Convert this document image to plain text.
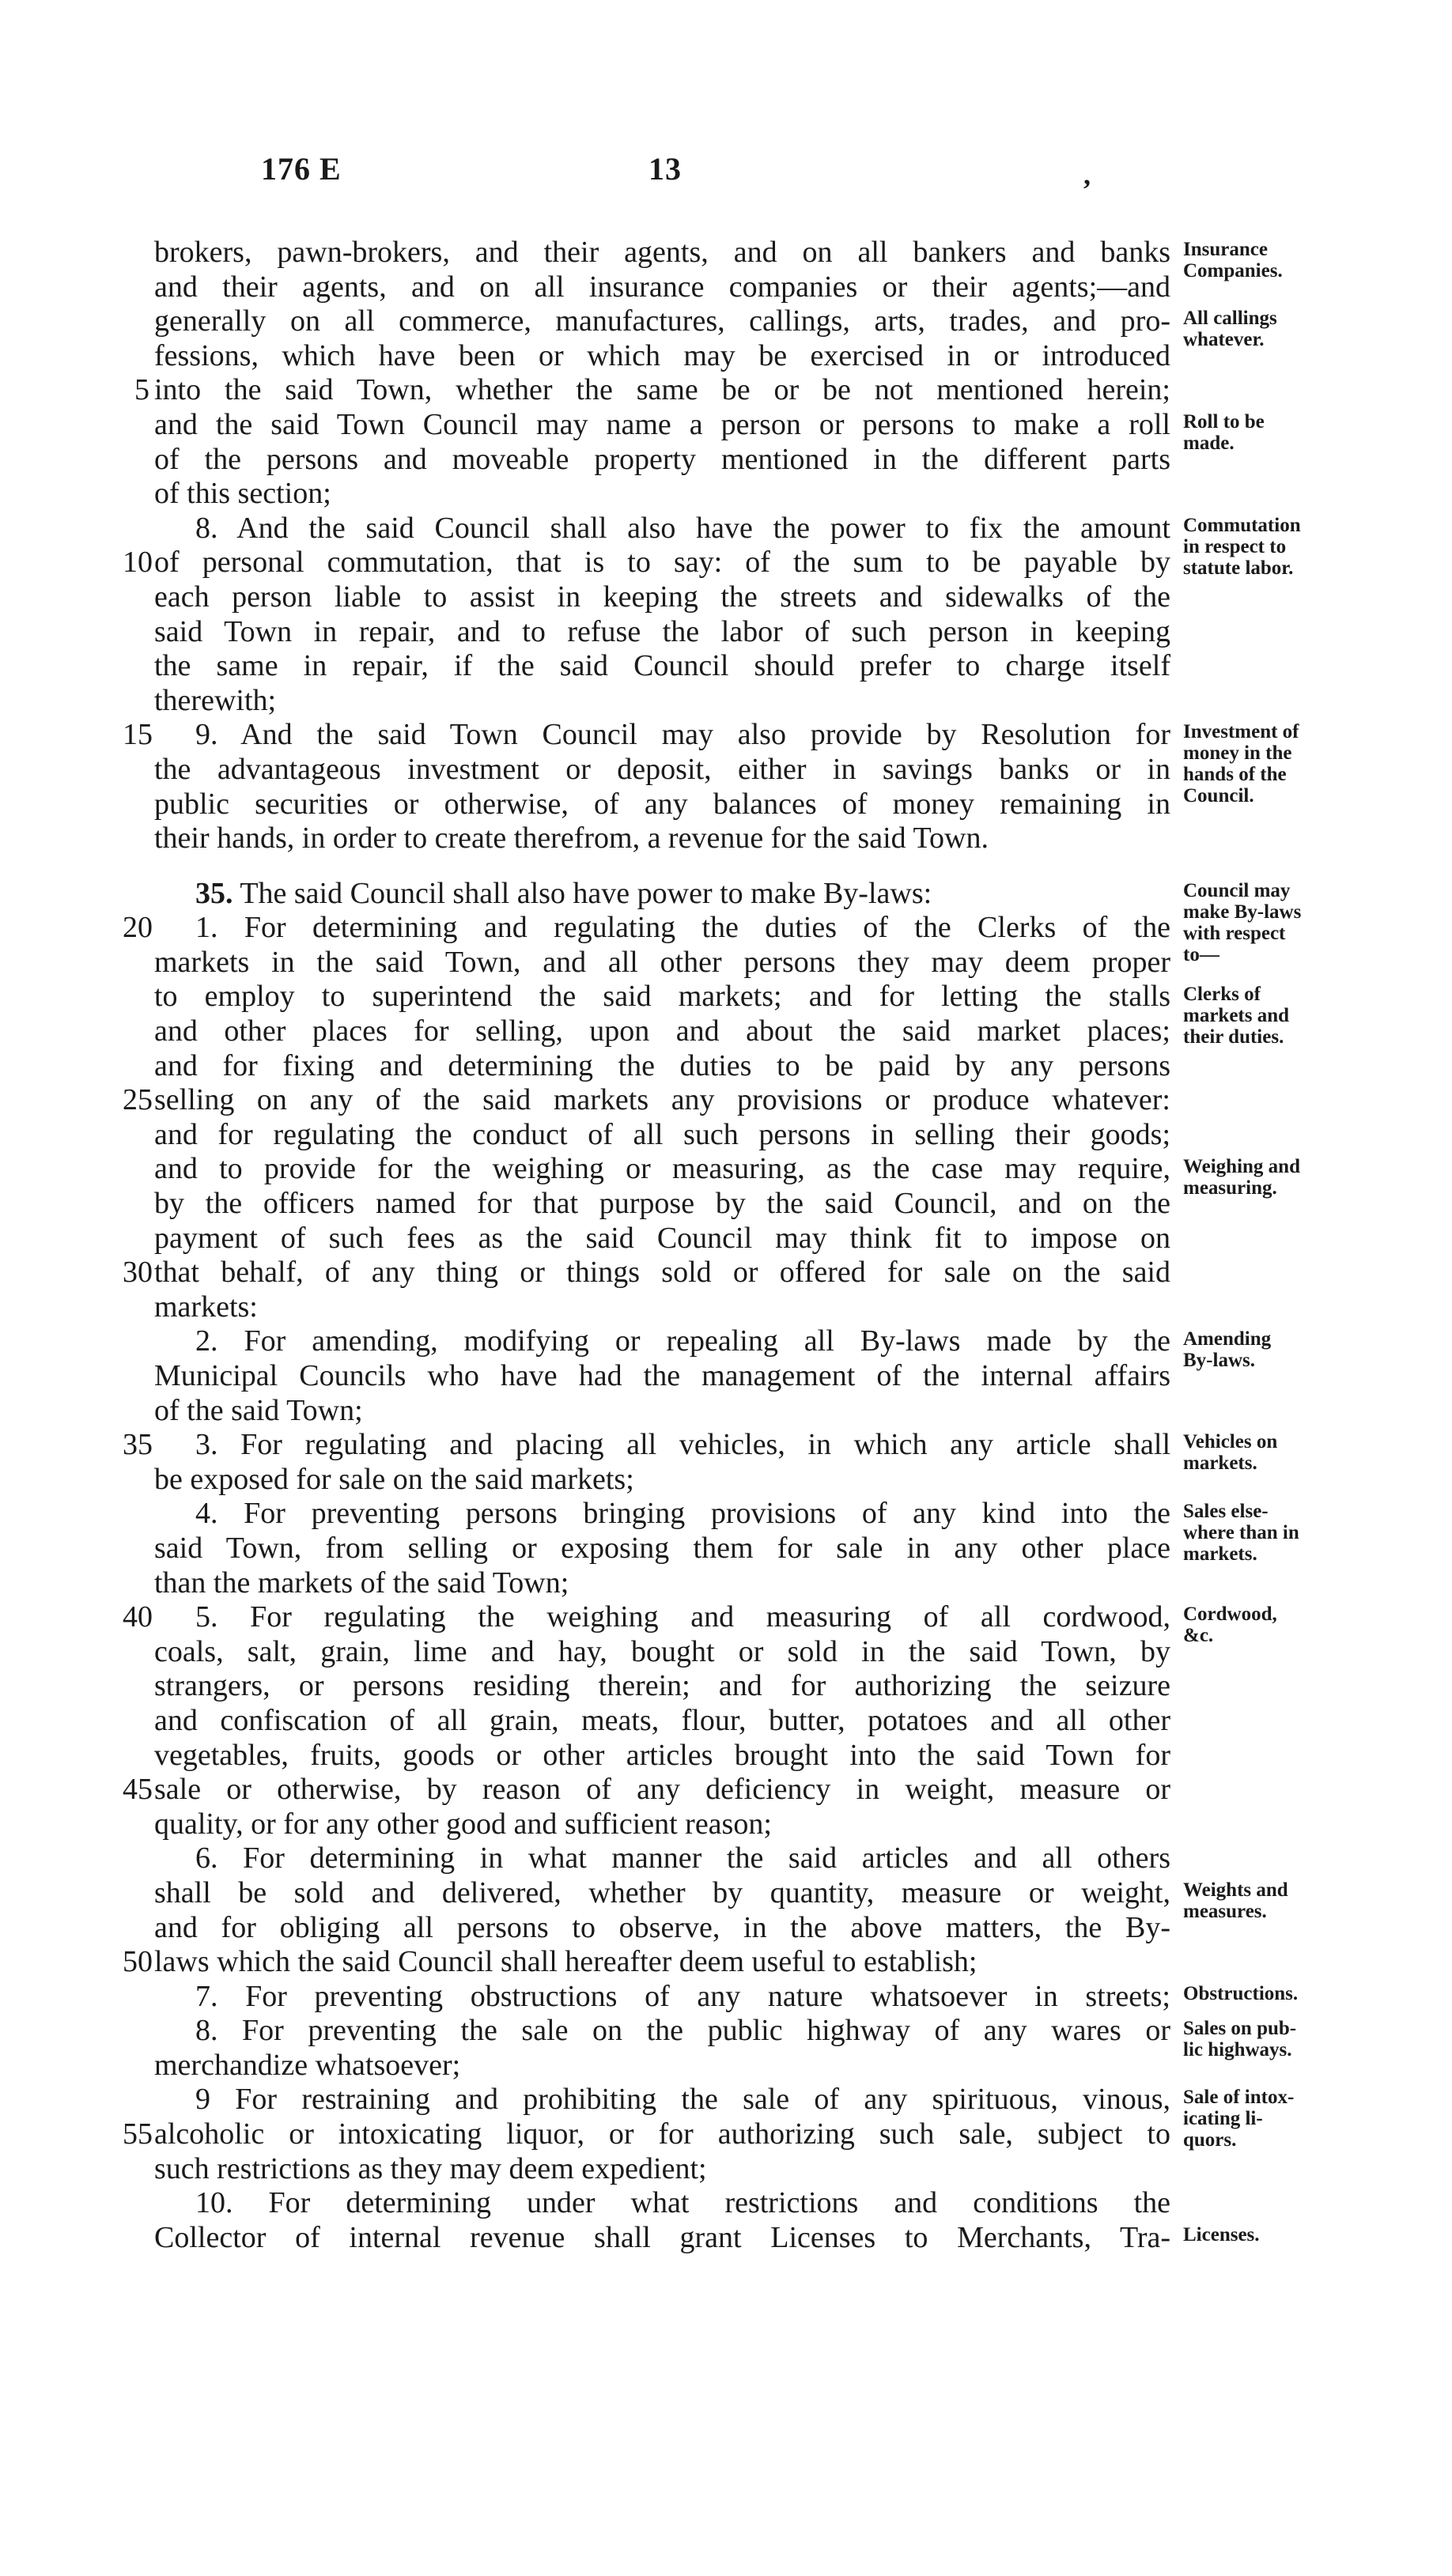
176 E	13	,
brokers, pawn-brokers, and their agents, and on all bankers and banks
and their agents, and on all insurance companies or their agents;—and
generally on all commerce, manufactures, callings, arts, trades, and pro-
fessions, which have been or which may be exercised in or introduced
5 into the said Town, whether the same be or be not mentioned herein;
and the said Town Council may name a person or persons to make a roll
of the persons and moveable property mentioned in the different parts
of this section;
8. And the said Council shall also have the power to fix the amount
10 of personal commutation, that is to say: of the sum to be payable by
each person liable to assist in keeping the streets and sidewalks of the
said Town in repair, and to refuse the labor of such person in keeping
the same in repair, if the said Council should prefer to charge itself
therewith;
15	9. And the said Town Council may also provide by Resolution for
the advantageous investment or deposit, either in savings banks or in
public securities or otherwise, of any balances of money remaining in
their hands, in order to create therefrom, a revenue for the said Town.
35. The said Council shall also have power to make By-laws:
20	1. For determining and regulating the duties of the Clerks of the
markets in the said Town, and all other persons they may deem proper
to employ to superintend the said markets; and for letting the stalls
and other places for selling, upon and about the said market places;
and for fixing and determining the duties to be paid by any persons
25 selling on any of the said markets any provisions or produce whatever:
and for regulating the conduct of all such persons in selling their goods;
and to provide for the weighing or measuring, as the case may require,
by the officers named for that purpose by the said Council, and on the
payment of such fees as the said Council may think fit to impose on
30 that behalf, of any thing or things sold or offered for sale on the said
markets:
2. For amending, modifying or repealing all By-laws made by the
Municipal Councils who have had the management of the internal affairs
of the said Town;
35	3. For regulating and placing all vehicles, in which any article shall
be exposed for sale on the said markets;
4. For preventing persons bringing provisions of any kind into the
said Town, from selling or exposing them for sale in any other place
than the markets of the said Town;
40	5. For regulating the weighing and measuring of all cordwood,
coals, salt, grain, lime and hay, bought or sold in the said Town, by
strangers, or persons residing therein; and for authorizing the seizure
and confiscation of all grain, meats, flour, butter, potatoes and all other
vegetables, fruits, goods or other articles brought into the said Town for
45 sale or otherwise, by reason of any deficiency in weight, measure or
quality, or for any other good and sufficient reason;
6. For determining in what manner the said articles and all others
shall be sold and delivered, whether by quantity, measure or weight,
and for obliging all persons to observe, in the above matters, the By-
50 laws which the said Council shall hereafter deem useful to establish;
7. For preventing obstructions of any nature whatsoever in streets;
8. For preventing the sale on the public highway of any wares or
merchandize whatsoever;
9 For restraining and prohibiting the sale of any spirituous, vinous,
55 alcoholic or intoxicating liquor, or for authorizing such sale, subject to
such restrictions as they may deem expedient;
10. For determining under what restrictions and conditions the
Collector of internal revenue shall grant Licenses to Merchants, Tra-
Insurance
Companies.
All callings
whatever.
Roll to be
made.
Commutation
in respect to
statute labor.
Investment of
money in the
hands of the
Council.
Council may
make By-laws
with respect
to—
Clerks of
markets and
their duties.
Weighing and
measuring.
Amending
By-laws.
Vehicles on
markets.
Sales else-
where than in
markets.
Cordwood,
&c.
Weights and
measures.
Obstructions.
Sales on pub-
lic highways.
Sale of intox-
icating li-
quors.
Licenses.
